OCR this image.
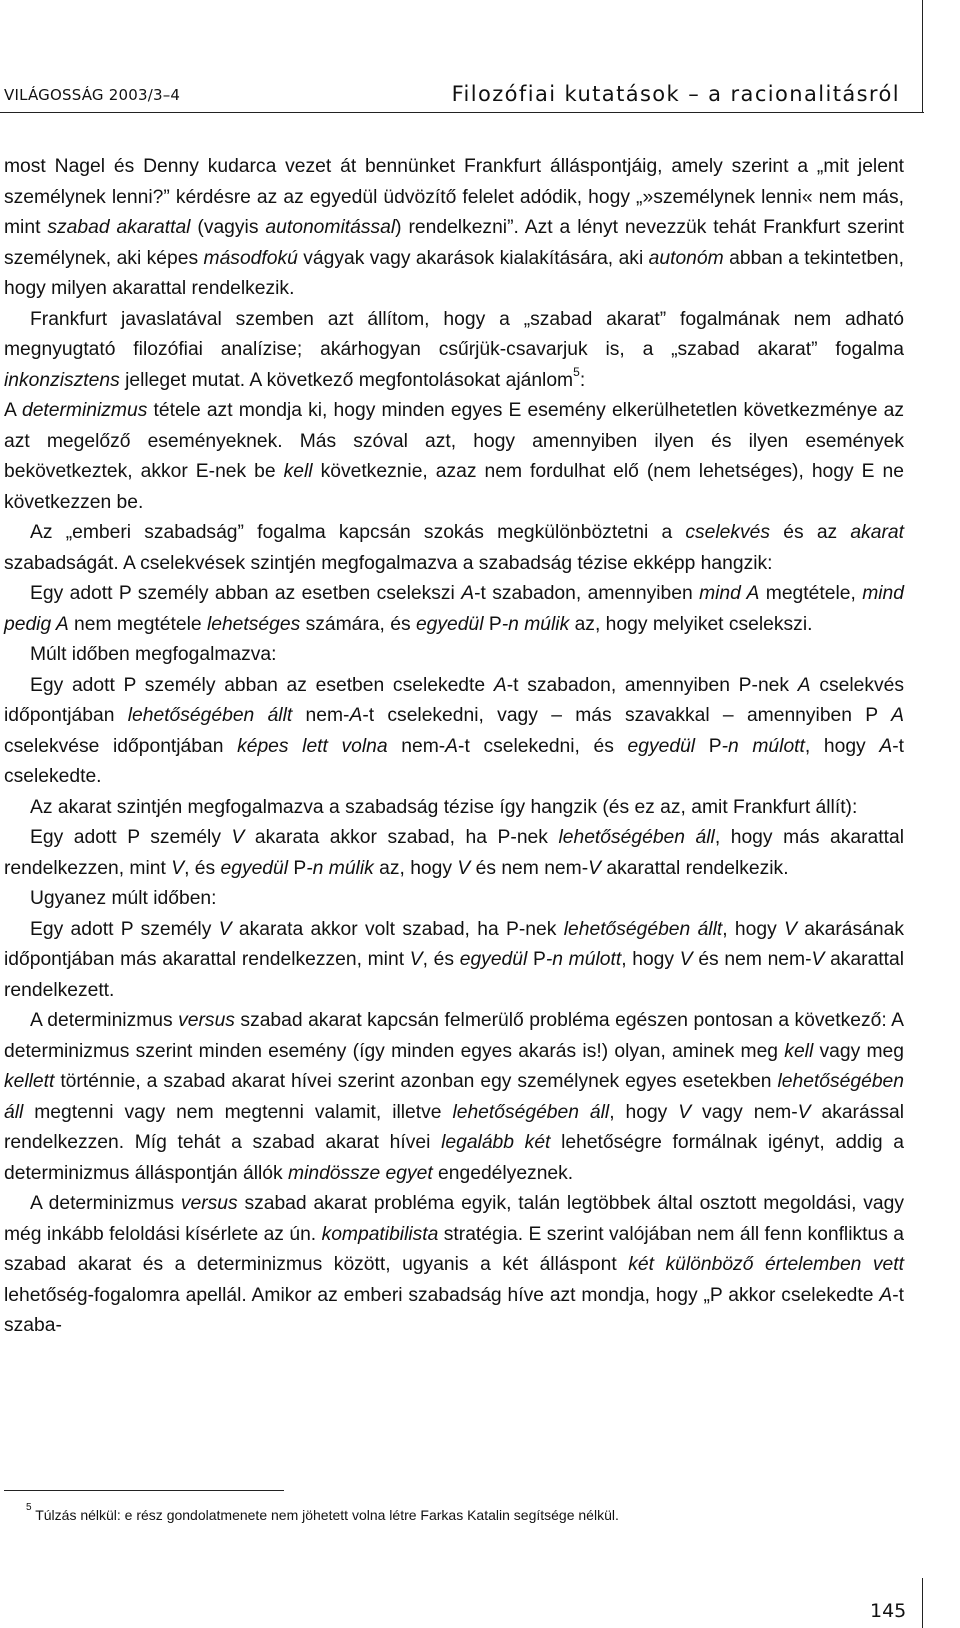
VILÁGOSSÁG 2003/3–4	Filozófiai kutatások – a racionalitásról

most Nagel és Denny kudarca vezet át bennünket Frankfurt álláspontjáig, amely szerint a „mit jelent személynek lenni?” kérdésre az az egyedül üdvözítő felelet adódik, hogy „»személynek lenni« nem más, mint szabad akarattal (vagyis autonomitással) rendelkezni”. Azt a lényt nevezzük tehát Frankfurt szerint személynek, aki képes másodfokú vágyak vagy akarások kialakítására, aki autonóm abban a tekintetben, hogy milyen akarattal rendelkezik.

Frankfurt javaslatával szemben azt állítom, hogy a „szabad akarat” fogalmának nem adható megnyugtató filozófiai analízise; akárhogyan csűrjük-csavarjuk is, a „szabad akarat” fogalma inkonzisztens jelleget mutat. A következő megfontolásokat ajánlom$^5$:

A determinizmus tétele azt mondja ki, hogy minden egyes E esemény elkerülhetetlen következménye az azt megelőző eseményeknek. Más szóval azt, hogy amennyiben ilyen és ilyen események bekövetkeztek, akkor E-nek be kell következnie, azaz nem fordulhat elő (nem lehetséges), hogy E ne következzen be.

Az „emberi szabadság” fogalma kapcsán szokás megkülönböztetni a cselekvés és az akarat szabadságát. A cselekvések szintjén megfogalmazva a szabadság tézise ekképp hangzik:

Egy adott P személy abban az esetben cselekszi A-t szabadon, amennyiben mind A megtétele, mind pedig A nem megtétele lehetséges számára, és egyedül P-n múlik az, hogy melyiket cselekszi.

Múlt időben megfogalmazva:

Egy adott P személy abban az esetben cselekedte A-t szabadon, amennyiben P-nek A cselekvés időpontjában lehetőségében állt nem-A-t cselekedni, vagy – más szavakkal – amennyiben P A cselekvése időpontjában képes lett volna nem-A-t cselekedni, és egyedül P-n múlott, hogy A-t cselekedte.

Az akarat szintjén megfogalmazva a szabadság tézise így hangzik (és ez az, amit Frankfurt állít):

Egy adott P személy V akarata akkor szabad, ha P-nek lehetőségében áll, hogy más akarattal rendelkezzen, mint V, és egyedül P-n múlik az, hogy V és nem nem-V akarattal rendelkezik.

Ugyanez múlt időben:

Egy adott P személy V akarata akkor volt szabad, ha P-nek lehetőségében állt, hogy V akarásának időpontjában más akarattal rendelkezzen, mint V, és egyedül P-n múlott, hogy V és nem nem-V akarattal rendelkezett.

A determinizmus versus szabad akarat kapcsán felmerülő probléma egészen pontosan a következő: A determinizmus szerint minden esemény (így minden egyes akarás is!) olyan, aminek meg kell vagy meg kellett történnie, a szabad akarat hívei szerint azonban egy személynek egyes esetekben lehetőségében áll megtenni vagy nem megtenni valamit, illetve lehetőségében áll, hogy V vagy nem-V akarással rendelkezzen. Míg tehát a szabad akarat hívei legalább két lehetőségre formálnak igényt, addig a determinizmus álláspontján állók mindössze egyet engedélyeznek.

A determinizmus versus szabad akarat probléma egyik, talán legtöbbek által osztott megoldási, vagy még inkább feloldási kísérlete az ún. kompatibilista stratégia. E szerint valójában nem áll fenn konfliktus a szabad akarat és a determinizmus között, ugyanis a két álláspont két különböző értelemben vett lehetőség-fogalomra apellál. Amikor az emberi szabadság híve azt mondja, hogy „P akkor cselekedte A-t szaba-

$^5$ Túlzás nélkül: e rész gondolatmenete nem jöhetett volna létre Farkas Katalin segítsége nélkül.
145
